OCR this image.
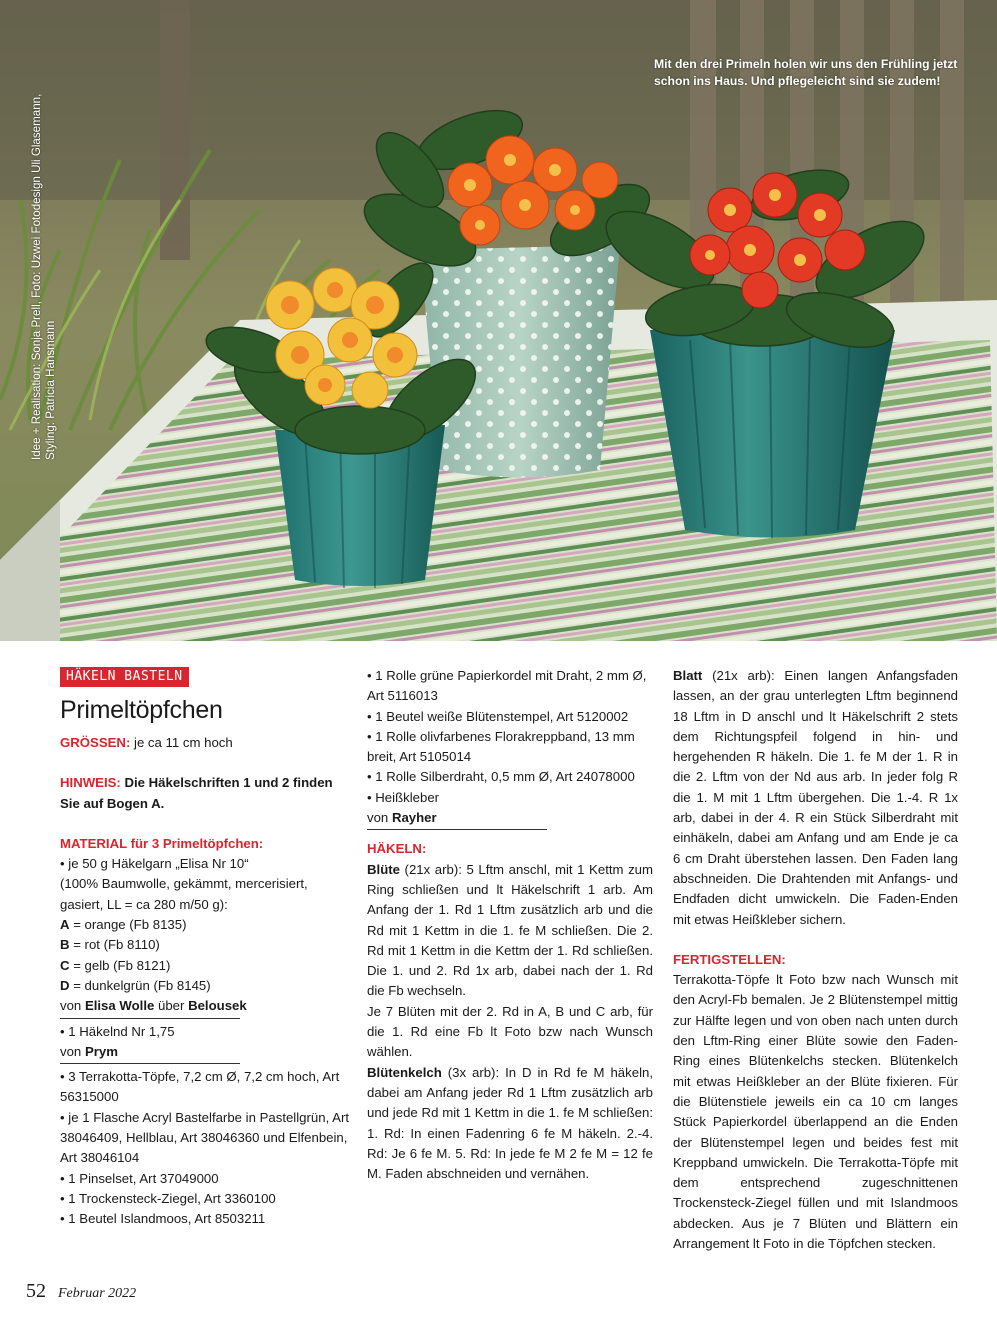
Mit den drei Primeln holen wir uns den Frühling jetzt schon ins Haus. Und pflegeleicht sind sie zudem!
Idee + Realisation: Sonja Prell, Foto: Uzwei Fotodesign Uli Glasemann, Styling: Patricia Hansmann
HÄKELN BASTELN
Primeltöpfchen

GRÖSSEN: je ca 11 cm hoch

HINWEIS: Die Häkelschriften 1 und 2 finden Sie auf Bogen A.

MATERIAL für 3 Primeltöpfchen:

• je 50 g Häkelgarn „Elisa Nr 10“

(100% Baumwolle, gekämmt, mercerisiert, gasiert, LL = ca 280 m/50 g):

A = orange (Fb 8135)

B = rot (Fb 8110)

C = gelb (Fb 8121)

D = dunkelgrün (Fb 8145)

von Elisa Wolle über Belousek

• 1 Häkelnd Nr 1,75

von Prym

• 3 Terrakotta-Töpfe, 7,2 cm Ø, 7,2 cm hoch, Art 56315000

• je 1 Flasche Acryl Bastelfarbe in Pastellgrün, Art 38046409, Hellblau, Art 38046360 und Elfenbein, Art 38046104

• 1 Pinselset, Art 37049000

• 1 Trockensteck-Ziegel, Art 3360100

• 1 Beutel Islandmoos, Art 8503211

• 1 Rolle grüne Papierkordel mit Draht, 2 mm Ø, Art 5116013

• 1 Beutel weiße Blütenstempel, Art 5120002

• 1 Rolle olivfarbenes Florakreppband, 13 mm breit, Art 5105014

• 1 Rolle Silberdraht, 0,5 mm Ø, Art 24078000

• Heißkleber

von Rayher

HÄKELN:

Blüte (21x arb): 5 Lftm anschl, mit 1 Kettm zum Ring schließen und lt Häkelschrift 1 arb. Am Anfang der 1. Rd 1 Lftm zusätzlich arb und die Rd mit 1 Kettm in die 1. fe M schließen. Die 2. Rd mit 1 Kettm in die Kettm der 1. Rd schließen. Die 1. und 2. Rd 1x arb, dabei nach der 1. Rd die Fb wechseln.

Je 7 Blüten mit der 2. Rd in A, B und C arb, für die 1. Rd eine Fb lt Foto bzw nach Wunsch wählen.

Blütenkelch (3x arb): In D in Rd fe M häkeln, dabei am Anfang jeder Rd 1 Lftm zusätzlich arb und jede Rd mit 1 Kettm in die 1. fe M schließen: 1. Rd: In einen Fadenring 6 fe M häkeln. 2.-4. Rd: Je 6 fe M. 5. Rd: In jede fe M 2 fe M = 12 fe M. Faden abschneiden und vernähen.

Blatt (21x arb): Einen langen Anfangsfaden lassen, an der grau unterlegten Lftm beginnend 18 Lftm in D anschl und lt Häkelschrift 2 stets dem Richtungspfeil folgend in hin- und hergehenden R häkeln. Die 1. fe M der 1. R in die 2. Lftm von der Nd aus arb. In jeder folg R die 1. M mit 1 Lftm übergehen. Die 1.-4. R 1x arb, dabei in der 4. R ein Stück Silberdraht mit einhäkeln, dabei am Anfang und am Ende je ca 6 cm Draht überstehen lassen. Den Faden lang abschneiden. Die Drahtenden mit Anfangs- und Endfaden dicht umwickeln. Die Faden-Enden mit etwas Heißkleber sichern.

FERTIGSTELLEN:

Terrakotta-Töpfe lt Foto bzw nach Wunsch mit den Acryl-Fb bemalen. Je 2 Blütenstempel mittig zur Hälfte legen und von oben nach unten durch den Lftm-Ring einer Blüte sowie den Faden-Ring eines Blütenkelchs stecken. Blütenkelch mit etwas Heißkleber an der Blüte fixieren. Für die Blütenstiele jeweils ein ca 10 cm langes Stück Papierkordel überlappend an die Enden der Blütenstempel legen und beides fest mit Kreppband umwickeln. Die Terrakotta-Töpfe mit dem entsprechend zugeschnittenen Trockensteck-Ziegel füllen und mit Islandmoos abdecken. Aus je 7 Blüten und Blättern ein Arrangement lt Foto in die Töpfchen stecken.

52 Februar 2022
